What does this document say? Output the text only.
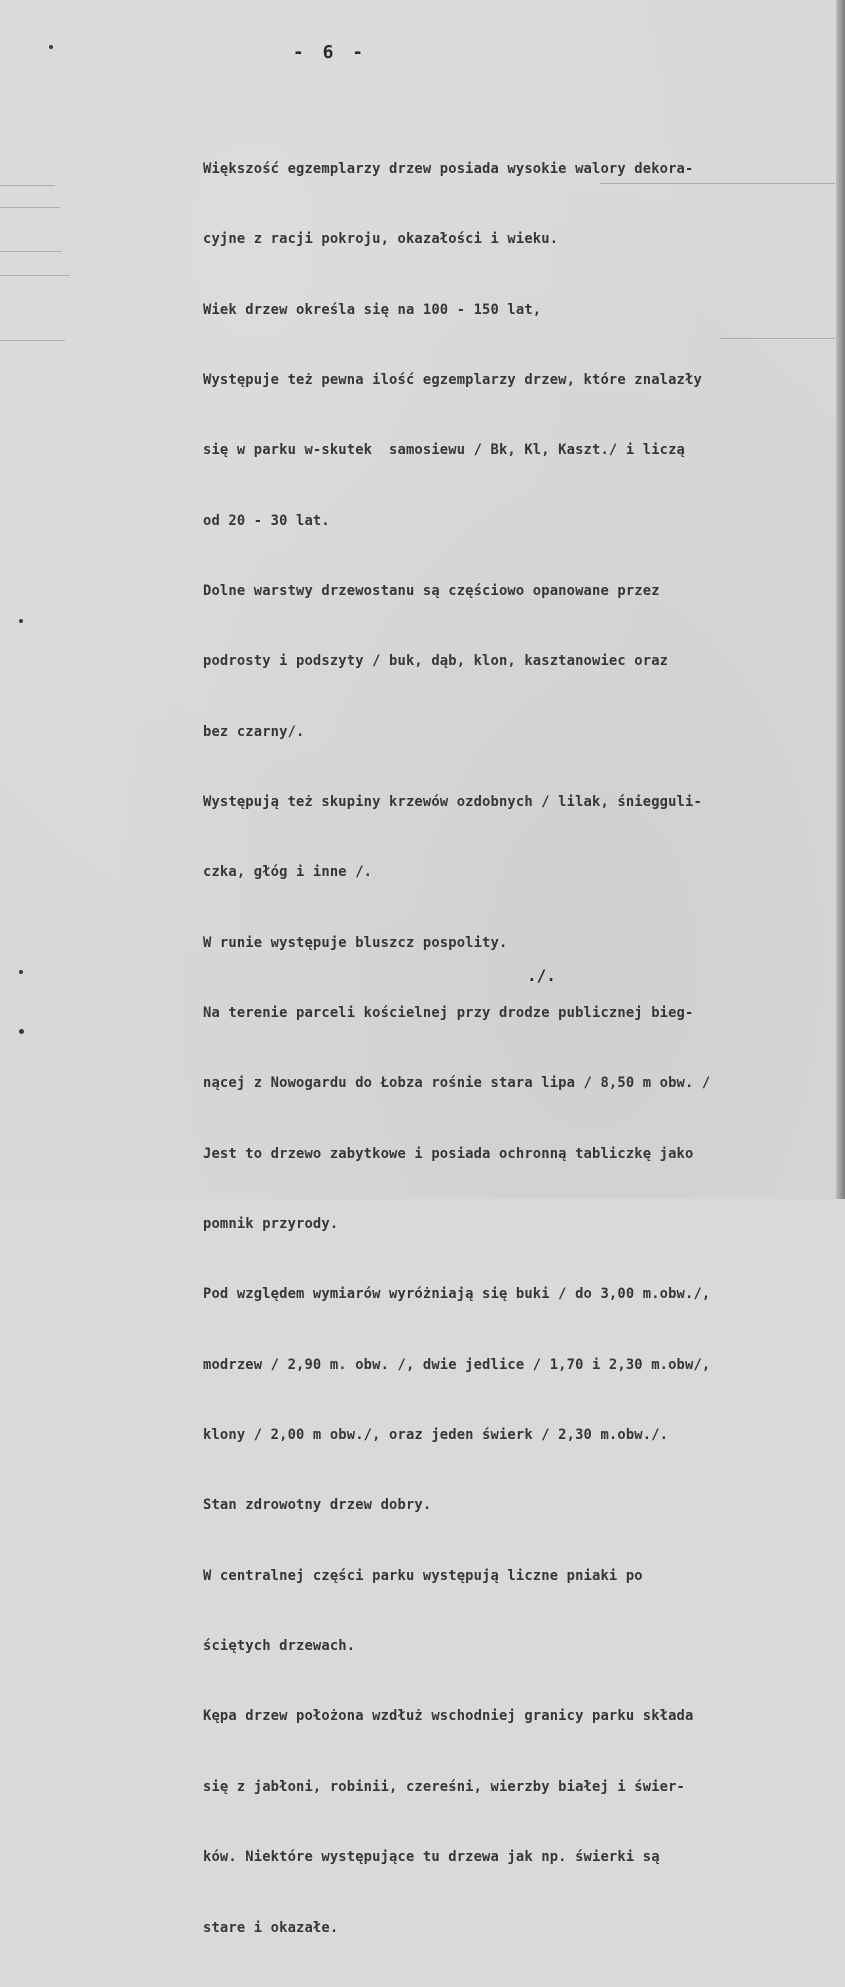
- 6 -

Większość egzemplarzy drzew posiada wysokie walory dekora-

cyjne z racji pokroju, okazałości i wieku.

Wiek drzew określa się na 100 - 150 lat,

Występuje też pewna ilość egzemplarzy drzew, które znalazły

się w parku w-skutek  samosiewu / Bk, Kl, Kaszt./ i liczą

od 20 - 30 lat.

Dolne warstwy drzewostanu są częściowo opanowane przez

podrosty i podszyty / buk, dąb, klon, kasztanowiec oraz

bez czarny/.

Występują też skupiny krzewów ozdobnych / lilak, śniegguli-

czka, głóg i inne /.

W runie występuje bluszcz pospolity.

Na terenie parceli kościelnej przy drodze publicznej bieg-

nącej z Nowogardu do Łobza rośnie stara lipa / 8,50 m obw. /

Jest to drzewo zabytkowe i posiada ochronną tabliczkę jako

pomnik przyrody.

Pod względem wymiarów wyróżniają się buki / do 3,00 m.obw./,

modrzew / 2,90 m. obw. /, dwie jedlice / 1,70 i 2,30 m.obw/,

klony / 2,00 m obw./, oraz jeden świerk / 2,30 m.obw./.

Stan zdrowotny drzew dobry.

W centralnej części parku występują liczne pniaki po

ściętych drzewach.

Kępa drzew położona wzdłuż wschodniej granicy parku składa

się z jabłoni, robinii, czereśni, wierzby białej i świer-

ków. Niektóre występujące tu drzewa jak np. świerki są

stare i okazałe.

./.
